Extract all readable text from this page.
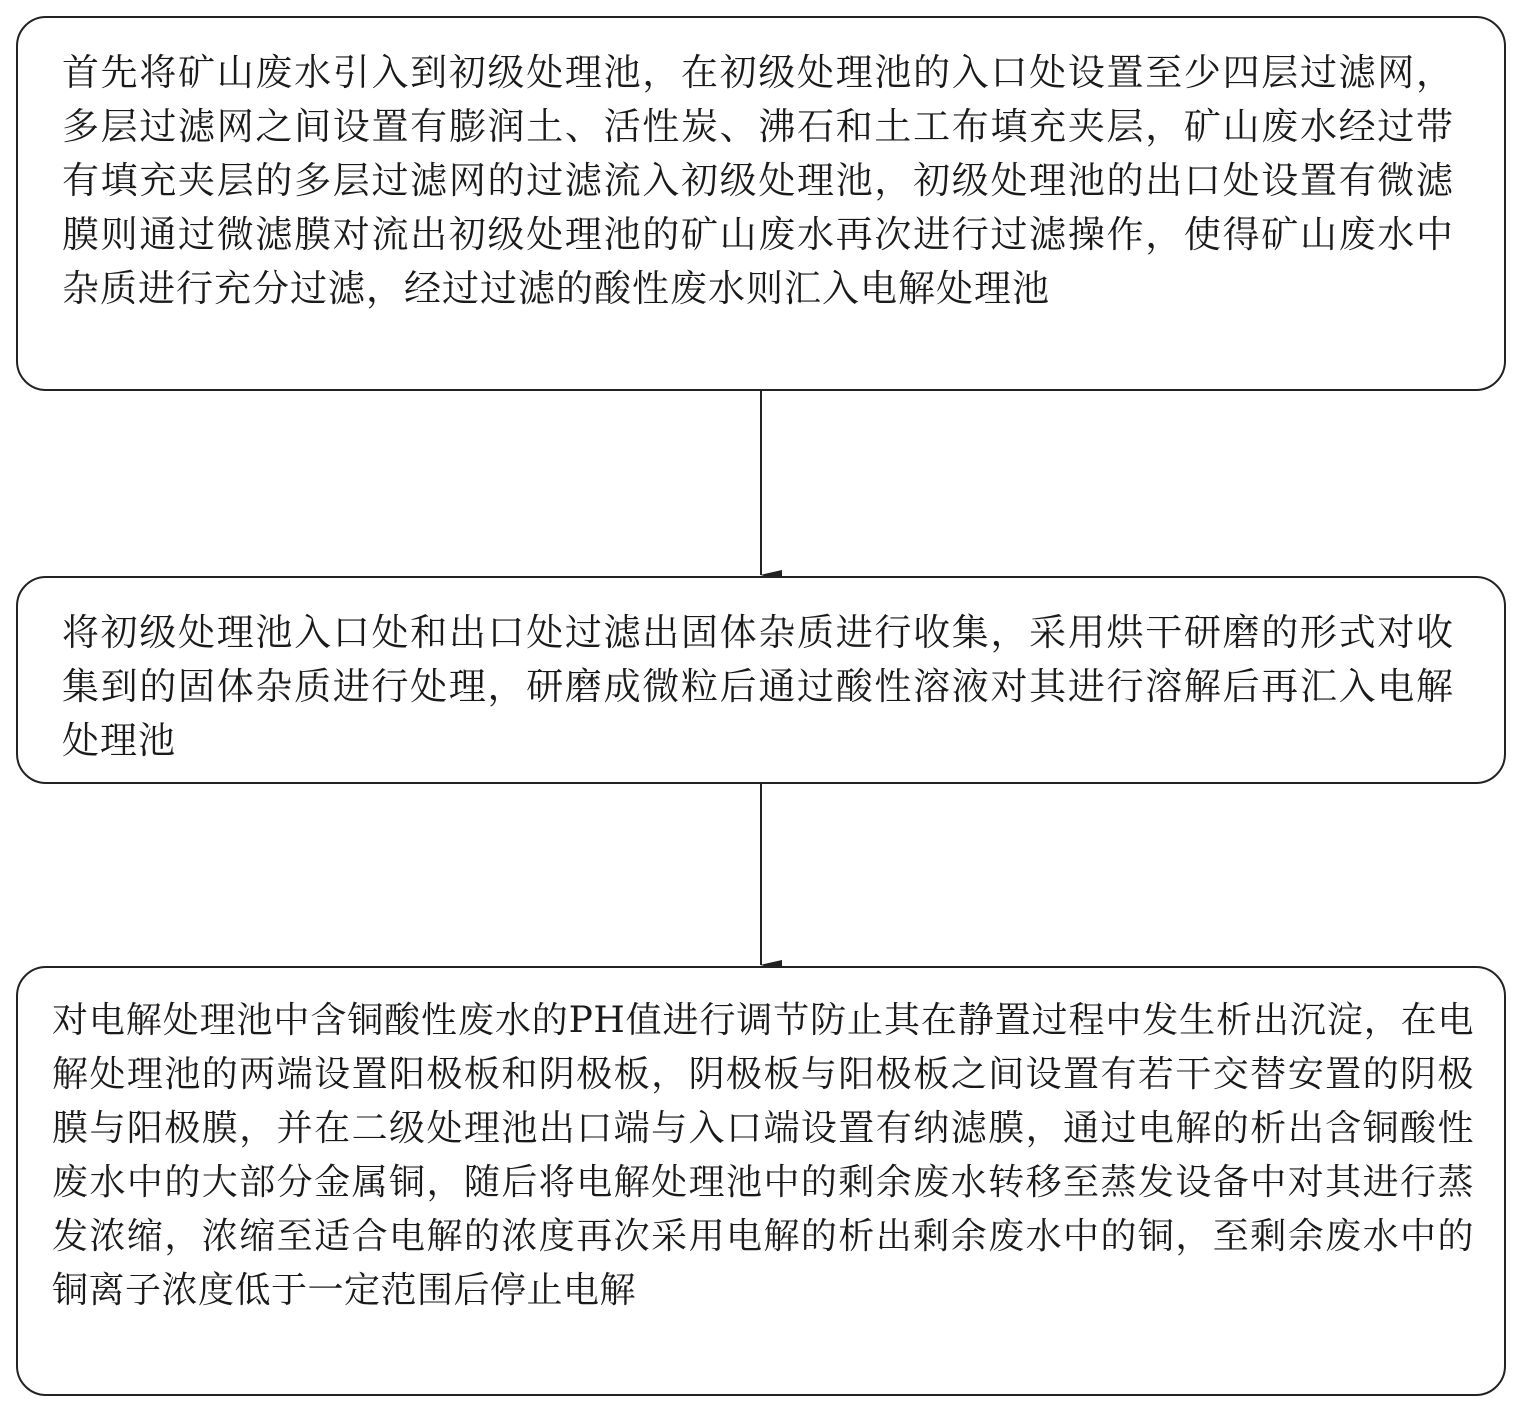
首先将矿山废水引入到初级处理池，在初级处理池的入口处设置至少四层过滤网，多层过滤网之间设置有膨润土、活性炭、沸石和土工布填充夹层，矿山废水经过带有填充夹层的多层过滤网的过滤流入初级处理池，初级处理池的出口处设置有微滤膜则通过微滤膜对流出初级处理池的矿山废水再次进行过滤操作，使得矿山废水中杂质进行充分过滤，经过过滤的酸性废水则汇入电解处理池

将初级处理池入口处和出口处过滤出固体杂质进行收集，采用烘干研磨的形式对收集到的固体杂质进行处理，研磨成微粒后通过酸性溶液对其进行溶解后再汇入电解处理池

对电解处理池中含铜酸性废水的PH值进行调节防止其在静置过程中发生析出沉淀，在电解处理池的两端设置阳极板和阴极板，阴极板与阳极板之间设置有若干交替安置的阴极膜与阳极膜，并在二级处理池出口端与入口端设置有纳滤膜，通过电解的析出含铜酸性废水中的大部分金属铜，随后将电解处理池中的剩余废水转移至蒸发设备中对其进行蒸发浓缩，浓缩至适合电解的浓度再次采用电解的析出剩余废水中的铜，至剩余废水中的铜离子浓度低于一定范围后停止电解
